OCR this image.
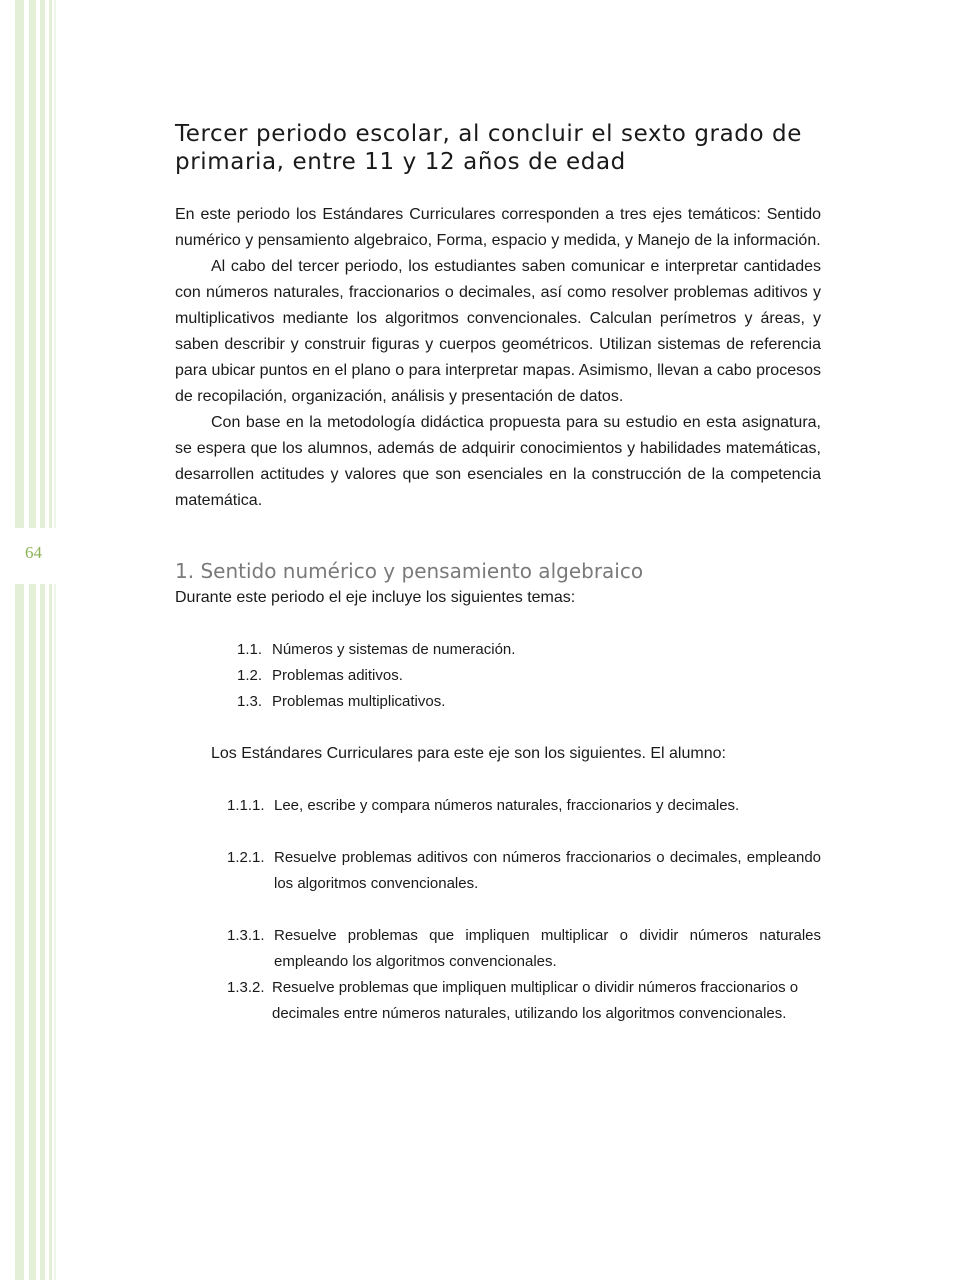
64
Tercer periodo escolar, al concluir el sexto grado de primaria, entre 11 y 12 años de edad

En este periodo los Estándares Curriculares corresponden a tres ejes temáticos: Sentido numérico y pensamiento algebraico, Forma, espacio y medida, y Manejo de la información.

Al cabo del tercer periodo, los estudiantes saben comunicar e interpretar cantidades con números naturales, fraccionarios o decimales, así como resolver problemas aditivos y multiplicativos mediante los algoritmos convencionales. Calculan perímetros y áreas, y saben describir y construir figuras y cuerpos geométricos. Utilizan sistemas de referencia para ubicar puntos en el plano o para interpretar mapas. Asimismo, llevan a cabo procesos de recopilación, organización, análisis y presentación de datos.

Con base en la metodología didáctica propuesta para su estudio en esta asignatura, se espera que los alumnos, además de adquirir conocimientos y habilidades matemáticas, desarrollen actitudes y valores que son esenciales en la construcción de la competencia matemática.

1. Sentido numérico y pensamiento algebraico

Durante este periodo el eje incluye los siguientes temas:

1.1. Números y sistemas de numeración.
1.2. Problemas aditivos.
1.3. Problemas multiplicativos.

Los Estándares Curriculares para este eje son los siguientes. El alumno:

1.1.1. Lee, escribe y compara números naturales, fraccionarios y decimales.
1.2.1. Resuelve problemas aditivos con números fraccionarios o decimales, empleando los algoritmos convencionales.
1.3.1. Resuelve problemas que impliquen multiplicar o dividir números naturales empleando los algoritmos convencionales.
1.3.2. Resuelve problemas que impliquen multiplicar o dividir números fraccionarios o decimales entre números naturales, utilizando los algoritmos convencionales.
